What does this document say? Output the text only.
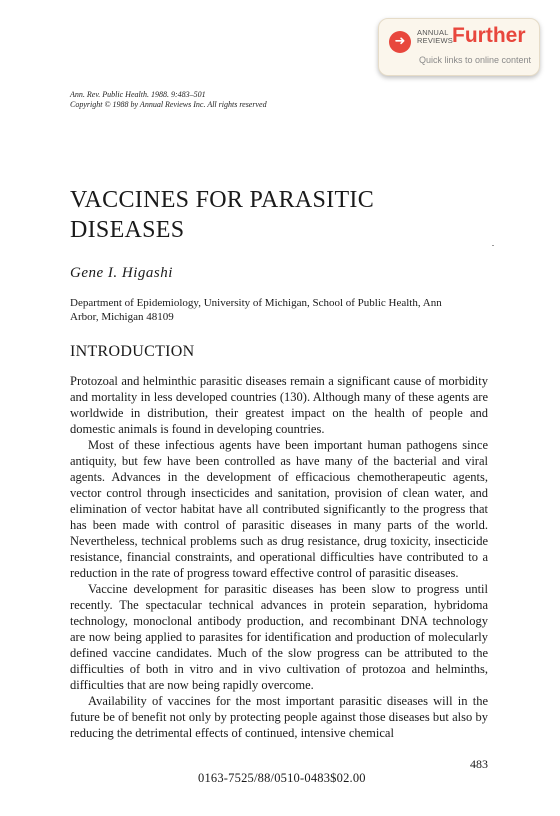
➜
ANNUAL
REVIEWS Further
Quick links to online content
Ann. Rev. Public Health. 1988. 9:483–501
Copyright © 1988 by Annual Reviews Inc. All rights reserved
VACCINES FOR PARASITIC DISEASES
Gene I. Higashi
Department of Epidemiology, University of Michigan, School of Public Health, Ann
Arbor, Michigan 48109
INTRODUCTION

Protozoal and helminthic parasitic diseases remain a significant cause of morbidity and mortality in less developed countries (130). Although many of these agents are worldwide in distribution, their greatest impact on the health of people and domestic animals is found in developing countries.

Most of these infectious agents have been important human pathogens since antiquity, but few have been controlled as have many of the bacterial and viral agents. Advances in the development of efficacious chemotherapeutic agents, vector control through insecticides and sanitation, provision of clean water, and elimination of vector habitat have all contributed significantly to the progress that has been made with control of parasitic diseases in many parts of the world. Nevertheless, technical problems such as drug resistance, drug toxicity, insecticide resistance, financial constraints, and operational difficulties have contributed to a reduction in the rate of progress toward effective control of parasitic diseases.

Vaccine development for parasitic diseases has been slow to progress until recently. The spectacular technical advances in protein separation, hybridoma technology, monoclonal antibody production, and recombinant DNA technology are now being applied to parasites for identification and production of molecularly defined vaccine candidates. Much of the slow progress can be attributed to the difficulties of both in vitro and in vivo cultivation of protozoa and helminths, difficulties that are now being rapidly overcome.

Availability of vaccines for the most important parasitic diseases will in the future be of benefit not only by protecting people against those diseases but also by reducing the detrimental effects of continued, intensive chemical

483
0163-7525/88/0510-0483$02.00
